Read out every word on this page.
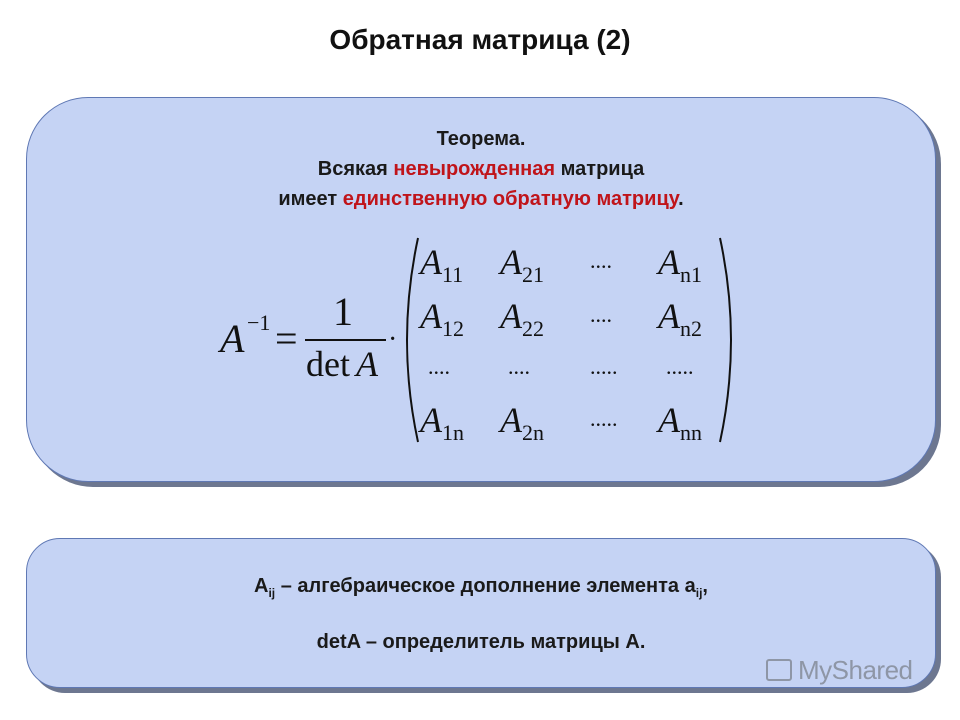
Обратная матрица (2)
Теорема.
Всякая невырожденная матрица
имеет единственную обратную матрицу.
A −1 =
1
det A
·
A 11 A 21
.... A n1
A 12 A 22
.... A n2
....	....	..... .....
A 1n A 2n
..... A nn
$A_{ij}$ – алгебраическое дополнение элемента $a_{ij}$,
detA – определитель матрицы A.
MyShared
